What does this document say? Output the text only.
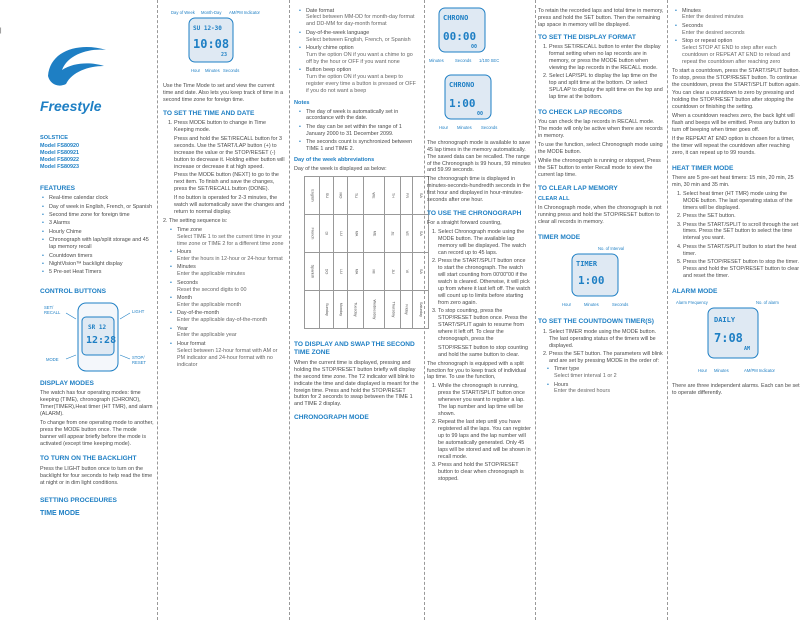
|
Freestyle
SOLSTICE
Model FS80920
Model FS80921
Model FS80922
Model FS80923
FEATURES
• Real-time calendar clock
• Day of week in English, French, or Spanish
• Second time zone for foreign time
• 3 Alarms
• Hourly Chime
• Chronograph with lap/split storage and 45 lap memory recall
• Countdown timers
• NightVision™ backlight display
• 5 Pre-set Heat Timers
CONTROL BUTTONS
SR 12
12:28
SET/
RECALL	LIGHT
MODE	STOP/
RESET
DISPLAY MODES

The watch has four operating modes: time keeping (TIME), chronograph (CHRONO), Timer(TIMER),Heat timer (HT TMR), and alarm (ALARM).

To change from one operating mode to another, press the MODE button once. The mode banner will appear briefly before the mode is activated (except time keeping mode).

TO TURN ON THE BACKLIGHT

Press the LIGHT button once to turn on the backlight for four seconds to help read the time at night or in dim light conditions.

SETTING PROCEDURES
TIME MODE
Day of Week Month-Day AM/PM Indicator
SU 12-30
10:08
23
Hour Minutes Seconds

Use the Time Mode to set and view the current time and date. Also lets you keep track of time in a second time zone for foreign time.

TO SET THE TIME AND DATE
1. Press MODE button to change in Time Keeping mode.

Press and hold the SET/RECALL button for 3 seconds. Use the START/LAP button (+) to increase the value or the STOP/RESET (-) button to decrease it. Holding either button will increase or decrease it at high speed.

Press the MODE button (NEXT) to go to the next item. To finish and save the changes, press the SET/RECALL button (DONE).

If no button is operated for 2-3 minutes, the watch will automatically save the changes and return to normal display.

2. The setting sequence is:

• Time zone
Select TIME 1 to set the current time in your time zone or TIME 2 for a different time zone
• Hours
Enter the hours in 12-hour or 24-hour format
• Minutes
Enter the applicable minutes
• Seconds
Reset the second digits to 00
• Month
Enter the applicable month
• Day-of-the-month
Enter the applicable day-of-the-month
• Year
Enter the applicable year
• Hour format
Select between 12-hour format with AM or PM indicator and 24-hour format with no indicator
• Date format
Select between MM-DD for month-day format and DD-MM for day-month format
• Day-of-the-week language
Select between English, French, or Spanish
• Hourly chime option
Turn the option ON if you want a chime to go off by the hour or OFF if you want none
• Button beep option
Turn the option ON if you want a beep to register every time a button is pressed or OFF if you do not want a beep
Notes
• The day of week is automatically set in accordance with the date.
• The day can be set within the range of 1 January 2000 to 31 December 2099.
• The seconds count is synchronized between TIME 1 and TIME 2.
Day of the week abbreviations

Day of the week is displayed as below:

English	SU	MO	TU	WE	TH	FR	SA
French	DI	LU	MA	ME	JE	VE	SA
Spanish	DO	LU	MA	MI	JU	VI	SA
	Sunday	Monday	Tuesday	Wednesday	Thursday	Friday	Saturday
TO DISPLAY AND SWAP THE SECOND TIME ZONE

When the current time is displayed, pressing and holding the STOP/RESET button briefly will display the second time zone. The T2 indicator will blink to indicate the time and date displayed is meant for the foreign time. Press and hold the STOP/RESET button for 2 seconds to swap between the TIME 1 and TIME 2 display.

CHRONOGRAPH MODE
CHRONO
00:00
00
Minutes	Seconds 1/100 SEC

CHRONO
1:00
00
Hour Minutes Seconds

The chronograph mode is available to save 45 lap times in the memory automatically. The saved data can be recalled. The range of the Chronograph is 99 hours, 59 minutes and 59.99 seconds.

The chronograph time is displayed in minutes-seconds-hundredth seconds in the first hour and displayed in hour-minutes-seconds after one hour.

TO USE THE CHRONOGRAPH

For a straight forward counting,

1. Select Chronograph mode using the MODE button. The available lap memory will be displayed. The watch can record up to 45 laps.
2. Press the START/SPLIT button once to start the chronograph. The watch will start counting from 00'00"00 if the watch is cleared. Otherwise, it will pick up from where it last left off. The watch will count up to limits before starting from zero again.
3. To stop counting, press the STOP/RESET button once. Press the START/SPLIT again to resume from where it left off. To clear the chronograph, press the

STOP/RESET button to stop counting and hold the same button to clear.

The chronograph is equipped with a split function for you to keep track of individual lap time. To use the function,

1. While the chronograph is running, press the START/SPLIT button once whenever you want to register a lap. The lap number and lap time will be shown.
2. Repeat the last step until you have registered all the laps. You can register up to 99 laps and the lap number will be automatically generated. Only 45 laps will be stored and will be shown in recall mode.
3. Press and hold the STOP/RESET button to clear when chronograph is stopped.

To retain the recorded laps and total time in memory, press and hold the SET button. Then the remaining lap space in memory will be displayed.

TO SET THE DISPLAY FORMAT
1. Press SET/RECALL button to enter the display format setting when no lap records are in memory, or press the MODE button when viewing the lap records in the RECALL mode.
2. Select LAP/SPL to display the lap time on the top and split time at the bottom. Or select SPL/LAP to display the split time on the top and lap time at the bottom.
TO CHECK LAP RECORDS

You can check the lap records in RECALL mode. The mode will only be active when there are records in memory.

To use the function, select Chronograph mode using the MODE button.

While the chronograph is running or stopped, Press the SET button to enter Recall mode to view the current lap time.

TO CLEAR LAP MEMORY
CLEAR ALL

In Chronograph mode, when the chronograph is not running press and hold the STOP/RESET button to clear all records in memory.

TIMER MODE
No. of Interval
TIMER
1:00
Hour	Minutes	Seconds
TO SET THE COUNTDOWN TIMER(S)
1. Select TIMER mode using the MODE button. The last operating status of the timers will be displayed.
2. Press the SET button. The parameters will blink and are set by pressing MODE in the order of:
• Timer type
Select timer interval 1 or 2
• Hours
Enter the desired hours
• Minutes
Enter the desired minutes
• Seconds
Enter the desired seconds
• Stop or repeat option
Select STOP AT END to step after each countdown or REPEAT AT END to reload and repeat the countdown after reaching zero

To start a countdown, press the START/SPLIT button. To stop, press the STOP/RESET button. To continue the countdown, press the START/SPLIT button again.

You can clear a countdown to zero by pressing and holding the STOP/RESET button after stopping the countdown or finishing the setting.

When a countdown reaches zero, the back light will flash and beeps will be emitted. Press any button to turn off beeping when timer goes off.

If the REPEAT AT END option is chosen for a timer, the timer will repeat the countdown after reaching zero, it can repeat up to 99 rounds.

HEAT TIMER MODE

There are 5 pre-set heat timers: 15 min, 20 min, 25 min, 30 min and 35 min.

1. Select heat timer (HT TMR) mode using the MODE button. The last operating status of the timers will be displayed.
2. Press the SET button.
3. Press the START/SPLIT to scroll through the set times. Press the SET button to select the time interval you want.
4. Press the START/SPLIT button to start the heat timer.
5. Press the STOP/RESET button to stop the timer. Press and hold the STOP/RESET button to clear and reset the timer.
ALARM MODE
Alarm Frequency	No. of alarm
DAILY
7:08
AM
Hour Minutes	AM/PM Indicator

There are three independent alarms. Each can be set to operate differently.
